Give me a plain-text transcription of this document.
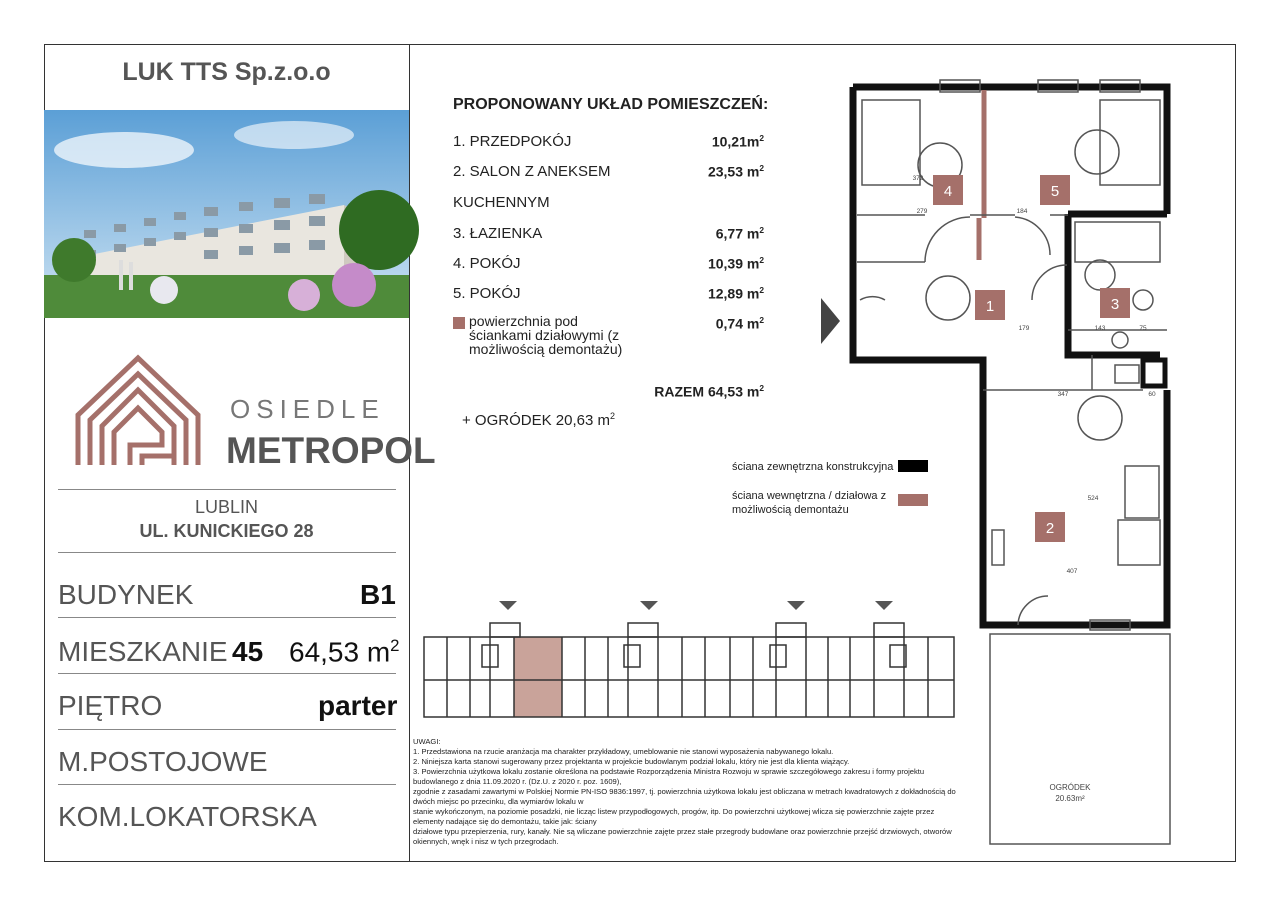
LUK TTS Sp.z.o.o
OSIEDLE
METROPOL
LUBLIN
UL. KUNICKIEGO 28
BUDYNEK	B1
MIESZKANIE 45 64,53 $m^2$
PIĘTRO	parter
M.POSTOJOWE
KOM.LOKATORSKA
PROPONOWANY UKŁAD POMIESZCZEŃ:
1. PRZEDPOKÓJ	$10,21m^2$
2. SALON Z ANEKSEM	23,53 $m^2$
KUCHENNYM
3. ŁAZIENKA	6,77 $m^2$
4. POKÓJ	10,39 $m^2$
5. POKÓJ	12,89 $m^2$
powierzchnia pod ściankami działowymi (z możliwością demontażu)
0,74 $m^2$
RAZEM 64,53 $m^2$
+ OGRÓDEK 20,63 $m^2$
1
2
3
4	5
279	184
347
407
524
372
179	143
60
75
OGRÓDEK
20.63m²
ściana zewnętrzna konstrukcyjna
ściana wewnętrzna / działowa z
możliwością demontażu
UWAGI:
1. Przedstawiona na rzucie aranżacja ma charakter przykładowy, umeblowanie nie stanowi wyposażenia nabywanego lokalu.
2. Niniejsza karta stanowi sugerowany przez projektanta w projekcie budowlanym podział lokalu, który nie jest dla klienta wiążący.
3. Powierzchnia użytkowa lokalu zostanie określona na podstawie Rozporządzenia Ministra Rozwoju w sprawie szczegółowego zakresu i formy projektu budowlanego z dnia 11.09.2020 r. (Dz.U. z 2020 r. poz. 1609),
zgodnie z zasadami zawartymi w Polskiej Normie PN-ISO 9836:1997, tj. powierzchnia użytkowa lokalu jest obliczana w metrach kwadratowych z dokładnością do dwóch miejsc po przecinku, dla wymiarów lokalu w
stanie wykończonym, na poziomie posadzki, nie licząc listew przypodłogowych, progów, itp. Do powierzchni użytkowej wlicza się powierzchnie zajęte przez elementy nadające się do demontażu, takie jak: ściany
działowe typu przepierzenia, rury, kanały. Nie są wliczane powierzchnie zajęte przez stałe przegrody budowlane oraz powierzchnie przejść drzwiowych, otworów okiennych, wnęk i nisz w tych przegrodach.
